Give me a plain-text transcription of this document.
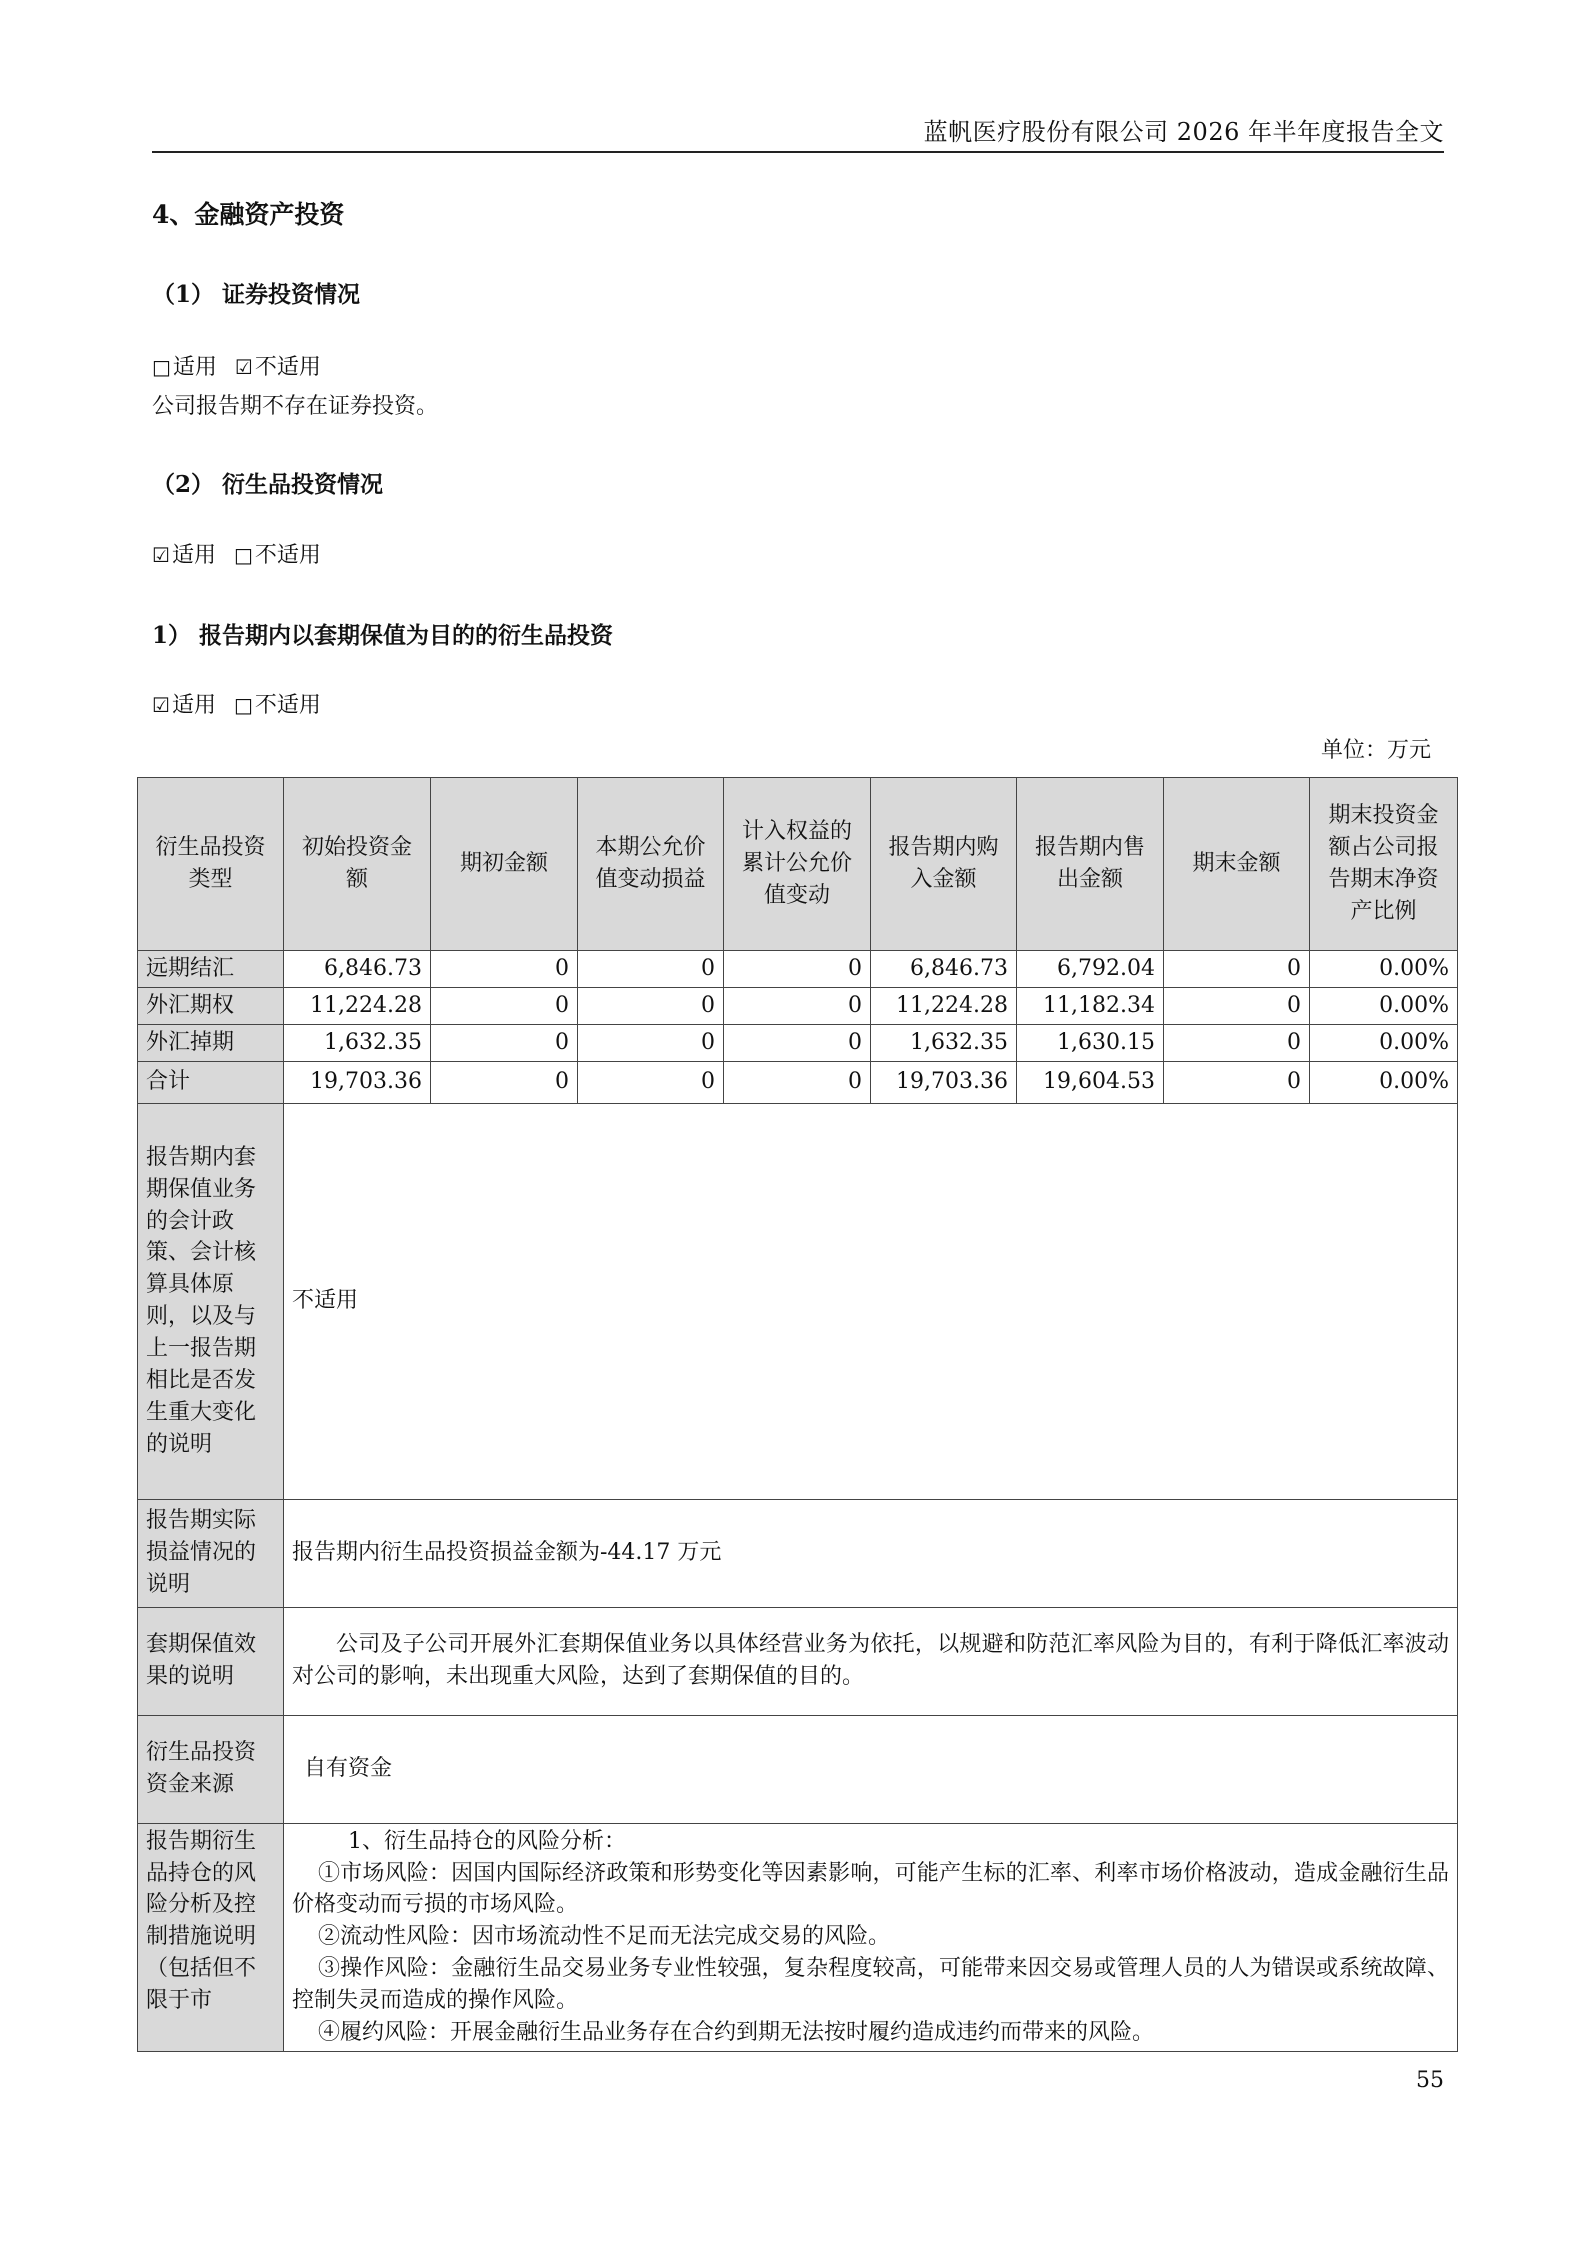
蓝帆医疗股份有限公司 2026 年半年度报告全文
4、金融资产投资
（1） 证券投资情况
□适用 ☑不适用
公司报告期不存在证券投资。
（2） 衍生品投资情况
☑适用 □不适用
1） 报告期内以套期保值为目的的衍生品投资
☑适用 □不适用
单位：万元
衍生品投资类型	初始投资金额	期初金额	本期公允价值变动损益	计入权益的累计公允价值变动	报告期内购入金额	报告期内售出金额	期末金额	期末投资金额占公司报告期末净资产比例
远期结汇	6,846.73	0	0	0	6,846.73	6,792.04	0	0.00%
外汇期权	11,224.28	0	0	0	11,224.28	11,182.34	0	0.00%
外汇掉期	1,632.35	0	0	0	1,632.35	1,630.15	0	0.00%
合计	19,703.36	0	0	0	19,703.36	19,604.53	0	0.00%
报告期内套期保值业务的会计政策、会计核算具体原则，以及与上一报告期相比是否发生重大变化的说明	不适用							
报告期实际损益情况的说明	报告期内衍生品投资损益金额为-44.17 万元							
套期保值效果的说明	公司及子公司开展外汇套期保值业务以具体经营业务为依托，以规避和防范汇率风险为目的，有利于降低汇率波动对公司的影响，未出现重大风险，达到了套期保值的目的。							

衍生品投资资金来源	自有资金							
报告期衍生品持仓的风险分析及控制措施说明（包括但不限于市	1、衍生品持仓的风险分析：

①市场风险：因国内国际经济政策和形势变化等因素影响，可能产生标的汇率、利率市场价格波动，造成金融衍生品价格变动而亏损的市场风险。

②流动性风险：因市场流动性不足而无法完成交易的风险。

③操作风险：金融衍生品交易业务专业性较强，复杂程度较高，可能带来因交易或管理人员的人为错误或系统故障、控制失灵而造成的操作风险。

④履约风险：开展金融衍生品业务存在合约到期无法按时履约造成违约而带来的风险。							

55
